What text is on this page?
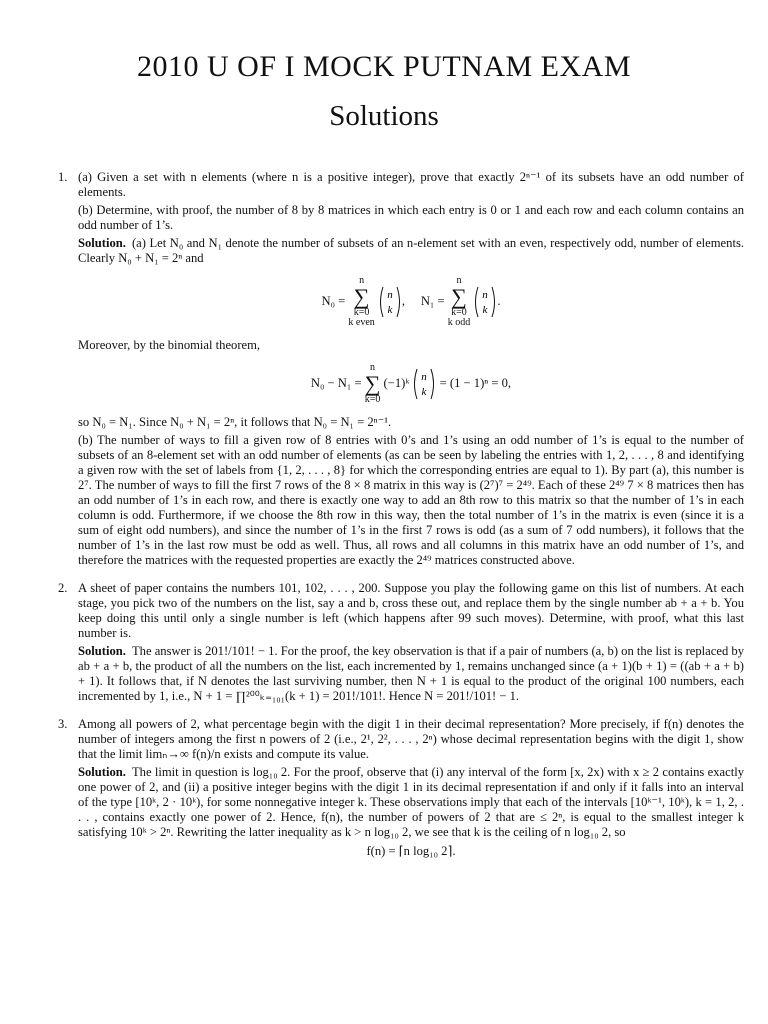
2010 U OF I MOCK PUTNAM EXAM
Solutions
1. (a) Given a set with n elements (where n is a positive integer), prove that exactly 2ⁿ⁻¹ of its subsets have an odd number of elements.

(b) Determine, with proof, the number of 8 by 8 matrices in which each entry is 0 or 1 and each row and each column contains an odd number of 1’s.

Solution. (a) Let N₀ and N₁ denote the number of subsets of an n-element set with an even, respectively odd, number of elements. Clearly N₀ + N₁ = 2ⁿ and

N₀ = n
∑
k=0
k even
n
k
,     N₁ = n
∑
k=0
k odd
n
k
.

Moreover, by the binomial theorem,

N₀ − N₁ = n
∑
k=0 (−1)ᵏ n
k
= (1 − 1)ⁿ = 0,

so N₀ = N₁. Since N₀ + N₁ = 2ⁿ, it follows that N₀ = N₁ = 2ⁿ⁻¹.

(b) The number of ways to fill a given row of 8 entries with 0’s and 1’s using an odd number of 1’s is equal to the number of subsets of an 8-element set with an odd number of elements (as can be seen by labeling the entries with 1, 2, . . . , 8 and identifying a given row with the set of labels from {1, 2, . . . , 8} for which the corresponding entries are equal to 1). By part (a), this number is 2⁷. The number of ways to fill the first 7 rows of the 8 × 8 matrix in this way is (2⁷)⁷ = 2⁴⁹. Each of these 2⁴⁹ 7 × 8 matrices then has an odd number of 1’s in each row, and there is exactly one way to add an 8th row to this matrix so that the number of 1’s in each column is odd. Furthermore, if we choose the 8th row in this way, then the total number of 1’s in the matrix is even (since it is a sum of eight odd numbers), and since the number of 1’s in the first 7 rows is odd (as a sum of 7 odd numbers), it follows that the number of 1’s in the last row must be odd as well. Thus, all rows and all columns in this matrix have an odd number of 1’s, and therefore the matrices with the requested properties are exactly the 2⁴⁹ matrices constructed above.

2. A sheet of paper contains the numbers 101, 102, . . . , 200. Suppose you play the following game on this list of numbers. At each stage, you pick two of the numbers on the list, say a and b, cross these out, and replace them by the single number ab + a + b. You keep doing this until only a single number is left (which happens after 99 such moves). Determine, with proof, what this last number is.

Solution. The answer is 201!/101! − 1. For the proof, the key observation is that if a pair of numbers (a, b) on the list is replaced by ab + a + b, the product of all the numbers on the list, each incremented by 1, remains unchanged since (a + 1)(b + 1) = ((ab + a + b) + 1). It follows that, if N denotes the last surviving number, then N + 1 is equal to the product of the original 100 numbers, each incremented by 1, i.e., N + 1 = ∏²⁰⁰ₖ₌₁₀₁(k + 1) = 201!/101!. Hence N = 201!/101! − 1.

3. Among all powers of 2, what percentage begin with the digit 1 in their decimal representation? More precisely, if f(n) denotes the number of integers among the first n powers of 2 (i.e., 2¹, 2², . . . , 2ⁿ) whose decimal representation begins with the digit 1, show that the limit limₙ→∞ f(n)/n exists and compute its value.

Solution. The limit in question is log₁₀ 2. For the proof, observe that (i) any interval of the form [x, 2x) with x ≥ 2 contains exactly one power of 2, and (ii) a positive integer begins with the digit 1 in its decimal representation if and only if it falls into an interval of the type [10ᵏ, 2 · 10ᵏ), for some nonnegative integer k. These observations imply that each of the intervals [10ᵏ⁻¹, 10ᵏ), k = 1, 2, . . . , contains exactly one power of 2. Hence, f(n), the number of powers of 2 that are ≤ 2ⁿ, is equal to the smallest integer k satisfying 10ᵏ > 2ⁿ. Rewriting the latter inequality as k > n log₁₀ 2, we see that k is the ceiling of n log₁₀ 2, so

f(n) = ⌈n log₁₀ 2⌉.
